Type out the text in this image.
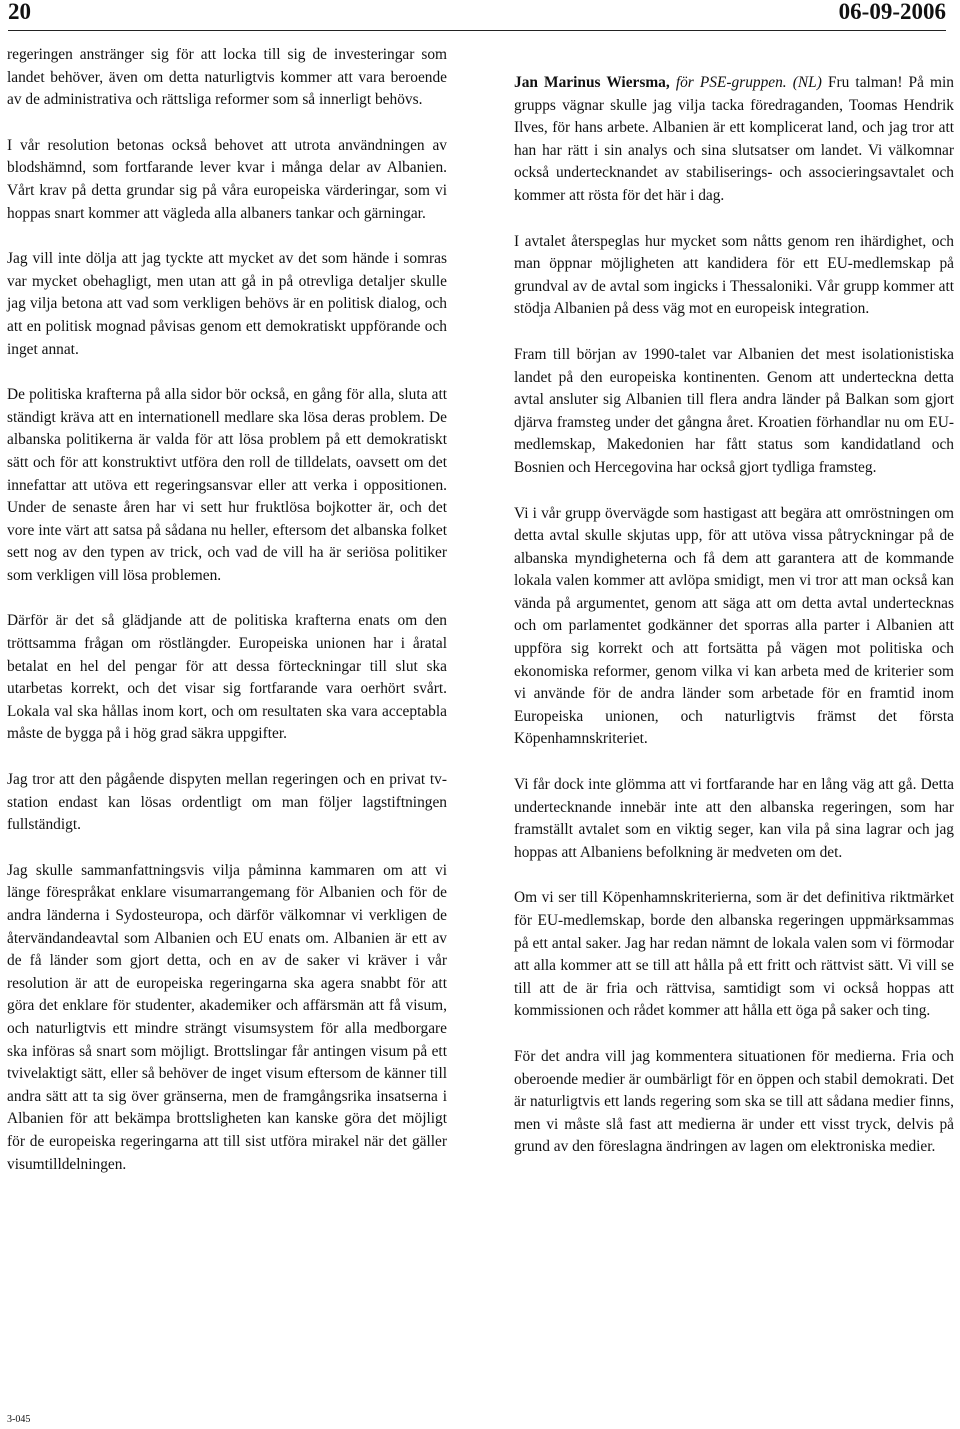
20	06-09-2006

regeringen anstränger sig för att locka till sig de investeringar som landet behöver, även om detta naturligtvis kommer att vara beroende av de administrativa och rättsliga reformer som så innerligt behövs.

I vår resolution betonas också behovet att utrota användningen av blodshämnd, som fortfarande lever kvar i många delar av Albanien. Vårt krav på detta grundar sig på våra europeiska värderingar, som vi hoppas snart kommer att vägleda alla albaners tankar och gärningar.

Jag vill inte dölja att jag tyckte att mycket av det som hände i somras var mycket obehagligt, men utan att gå in på otrevliga detaljer skulle jag vilja betona att vad som verkligen behövs är en politisk dialog, och att en politisk mognad påvisas genom ett demokratiskt uppförande och inget annat.

De politiska krafterna på alla sidor bör också, en gång för alla, sluta att ständigt kräva att en internationell medlare ska lösa deras problem. De albanska politikerna är valda för att lösa problem på ett demokratiskt sätt och för att konstruktivt utföra den roll de tilldelats, oavsett om det innefattar att utöva ett regeringsansvar eller att verka i oppositionen. Under de senaste åren har vi sett hur fruktlösa bojkotter är, och det vore inte värt att satsa på sådana nu heller, eftersom det albanska folket sett nog av den typen av trick, och vad de vill ha är seriösa politiker som verkligen vill lösa problemen.

Därför är det så glädjande att de politiska krafterna enats om den tröttsamma frågan om röstlängder. Europeiska unionen har i åratal betalat en hel del pengar för att dessa förteckningar till slut ska utarbetas korrekt, och det visar sig fortfarande vara oerhört svårt. Lokala val ska hållas inom kort, och om resultaten ska vara acceptabla måste de bygga på i hög grad säkra uppgifter.

Jag tror att den pågående dispyten mellan regeringen och en privat tv-station endast kan lösas ordentligt om man följer lagstiftningen fullständigt.

Jag skulle sammanfattningsvis vilja påminna kammaren om att vi länge förespråkat enklare visumarrangemang för Albanien och för de andra länderna i Sydosteuropa, och därför välkomnar vi verkligen de återvändandeavtal som Albanien och EU enats om. Albanien är ett av de få länder som gjort detta, och en av de saker vi kräver i vår resolution är att de europeiska regeringarna ska agera snabbt för att göra det enklare för studenter, akademiker och affärsmän att få visum, och naturligtvis ett mindre strängt visumsystem för alla medborgare ska införas så snart som möjligt. Brottslingar får antingen visum på ett tvivelaktigt sätt, eller så behöver de inget visum eftersom de känner till andra sätt att ta sig över gränserna, men de framgångsrika insatserna i Albanien för att bekämpa brottsligheten kan kanske göra det möjligt för de europeiska regeringarna att till sist utföra mirakel när det gäller visumtilldelningen.

Jan Marinus Wiersma, för PSE-gruppen. (NL) Fru talman! På min grupps vägnar skulle jag vilja tacka föredraganden, Toomas Hendrik Ilves, för hans arbete. Albanien är ett komplicerat land, och jag tror att han har rätt i sin analys och sina slutsatser om landet. Vi välkomnar också undertecknandet av stabiliserings- och associeringsavtalet och kommer att rösta för det här i dag.

I avtalet återspeglas hur mycket som nåtts genom ren ihärdighet, och man öppnar möjligheten att kandidera för ett EU-medlemskap på grundval av de avtal som ingicks i Thessaloniki. Vår grupp kommer att stödja Albanien på dess väg mot en europeisk integration.

Fram till början av 1990-talet var Albanien det mest isolationistiska landet på den europeiska kontinenten. Genom att underteckna detta avtal ansluter sig Albanien till flera andra länder på Balkan som gjort djärva framsteg under det gångna året. Kroatien förhandlar nu om EU-medlemskap, Makedonien har fått status som kandidatland och Bosnien och Hercegovina har också gjort tydliga framsteg.

Vi i vår grupp övervägde som hastigast att begära att omröstningen om detta avtal skulle skjutas upp, för att utöva vissa påtryckningar på de albanska myndigheterna och få dem att garantera att de kommande lokala valen kommer att avlöpa smidigt, men vi tror att man också kan vända på argumentet, genom att säga att om detta avtal undertecknas och om parlamentet godkänner det sporras alla parter i Albanien att uppföra sig korrekt och att fortsätta på vägen mot politiska och ekonomiska reformer, genom vilka vi kan arbeta med de kriterier som vi använde för de andra länder som arbetade för en framtid inom Europeiska unionen, och naturligtvis främst det första Köpenhamnskriteriet.

Vi får dock inte glömma att vi fortfarande har en lång väg att gå. Detta undertecknande innebär inte att den albanska regeringen, som har framställt avtalet som en viktig seger, kan vila på sina lagrar och jag hoppas att Albaniens befolkning är medveten om det.

Om vi ser till Köpenhamnskriterierna, som är det definitiva riktmärket för EU-medlemskap, borde den albanska regeringen uppmärksammas på ett antal saker. Jag har redan nämnt de lokala valen som vi förmodar att alla kommer att se till att hålla på ett fritt och rättvist sätt. Vi vill se till att de är fria och rättvisa, samtidigt som vi också hoppas att kommissionen och rådet kommer att hålla ett öga på saker och ting.

För det andra vill jag kommentera situationen för medierna. Fria och oberoende medier är oumbärligt för en öppen och stabil demokrati. Det är naturligtvis ett lands regering som ska se till att sådana medier finns, men vi måste slå fast att medierna är under ett visst tryck, delvis på grund av den föreslagna ändringen av lagen om elektroniska medier.

3-045
